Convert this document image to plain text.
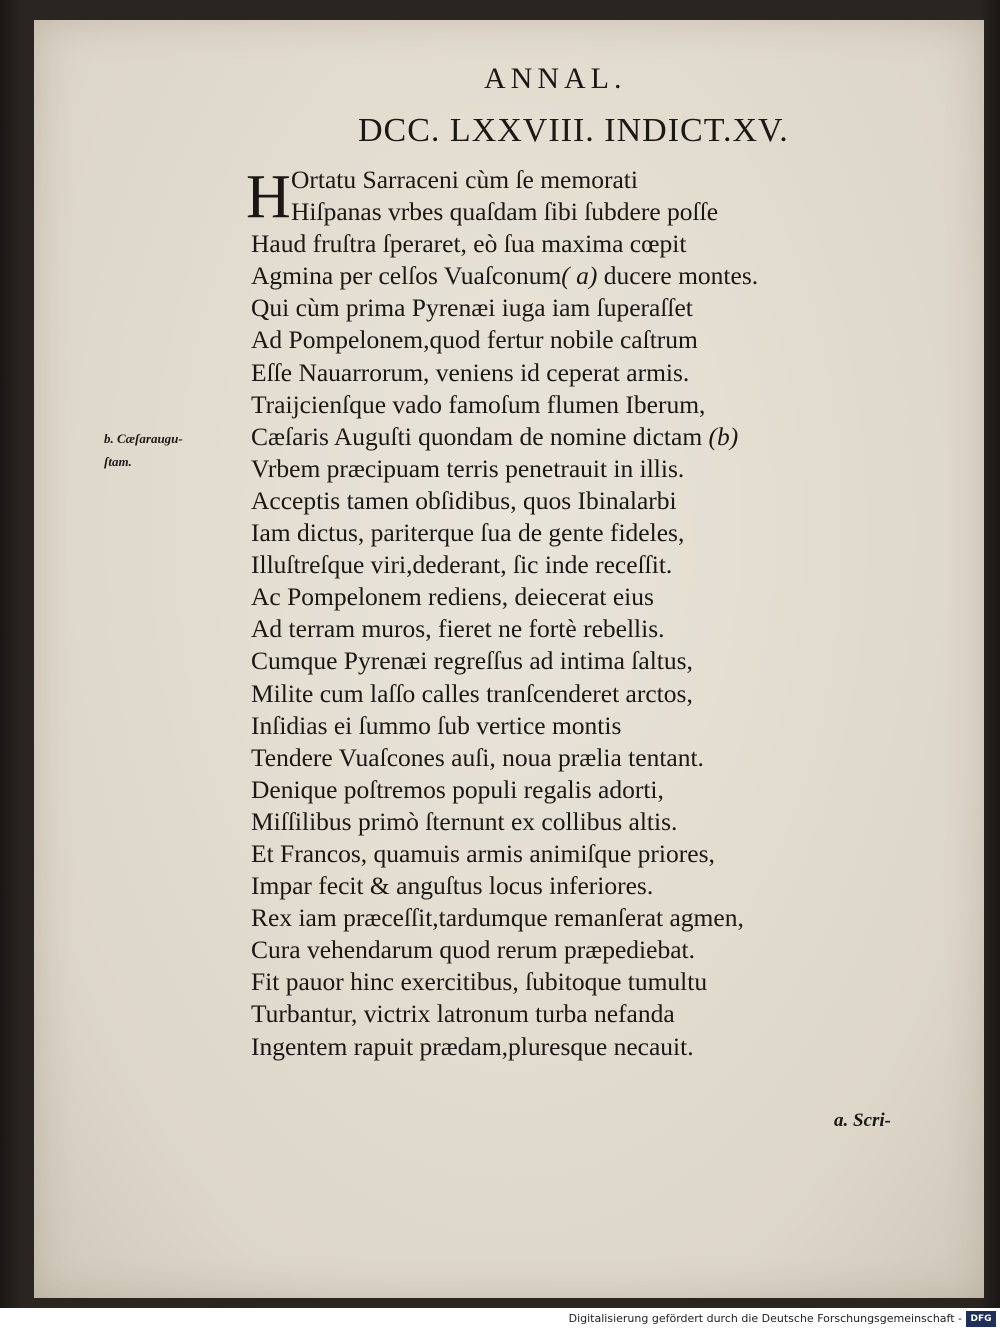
ANNAL.
DCC. LXXVIII. INDICT.XV.
H Ortatu Sarraceni cùm ſe memorati
Hiſpanas vrbes quaſdam ſibi ſubdere poſſe
Haud fruſtra ſperaret, eò ſua maxima cœpit
Agmina per celſos Vuaſconum( a) ducere montes.
Qui cùm prima Pyrenæi iuga iam ſuperaſſet
Ad Pompelonem,quod fertur nobile caſtrum
Eſſe Nauarrorum, veniens id ceperat armis.
Traijcienſque vado famoſum flumen Iberum,
Cæſaris Auguſti quondam de nomine dictam (b)
Vrbem præcipuam terris penetrauit in illis.
Acceptis tamen obſidibus, quos Ibinalarbi
Iam dictus, pariterque ſua de gente fideles,
Illuſtreſque viri,dederant, ſic inde receſſit.
Ac Pompelonem rediens, deiecerat eius
Ad terram muros, fieret ne fortè rebellis.
Cumque Pyrenæi regreſſus ad intima ſaltus,
Milite cum laſſo calles tranſcenderet arctos,
Inſidias ei ſummo ſub vertice montis
Tendere Vuaſcones auſi, noua prælia tentant.
Denique poſtremos populi regalis adorti,
Miſſilibus primò ſternunt ex collibus altis.
Et Francos, quamuis armis animiſque priores,
Impar fecit & anguſtus locus inferiores.
Rex iam præceſſit,tardumque remanſerat agmen,
Cura vehendarum quod rerum præpediebat.
Fit pauor hinc exercitibus, ſubitoque tumultu
Turbantur, victrix latronum turba nefanda
Ingentem rapuit prædam,pluresque necauit.
b. Cæſaraugu-
ſtam.
a. Scri-
Digitalisierung gefördert durch die Deutsche Forschungsgemeinschaft - DFG
